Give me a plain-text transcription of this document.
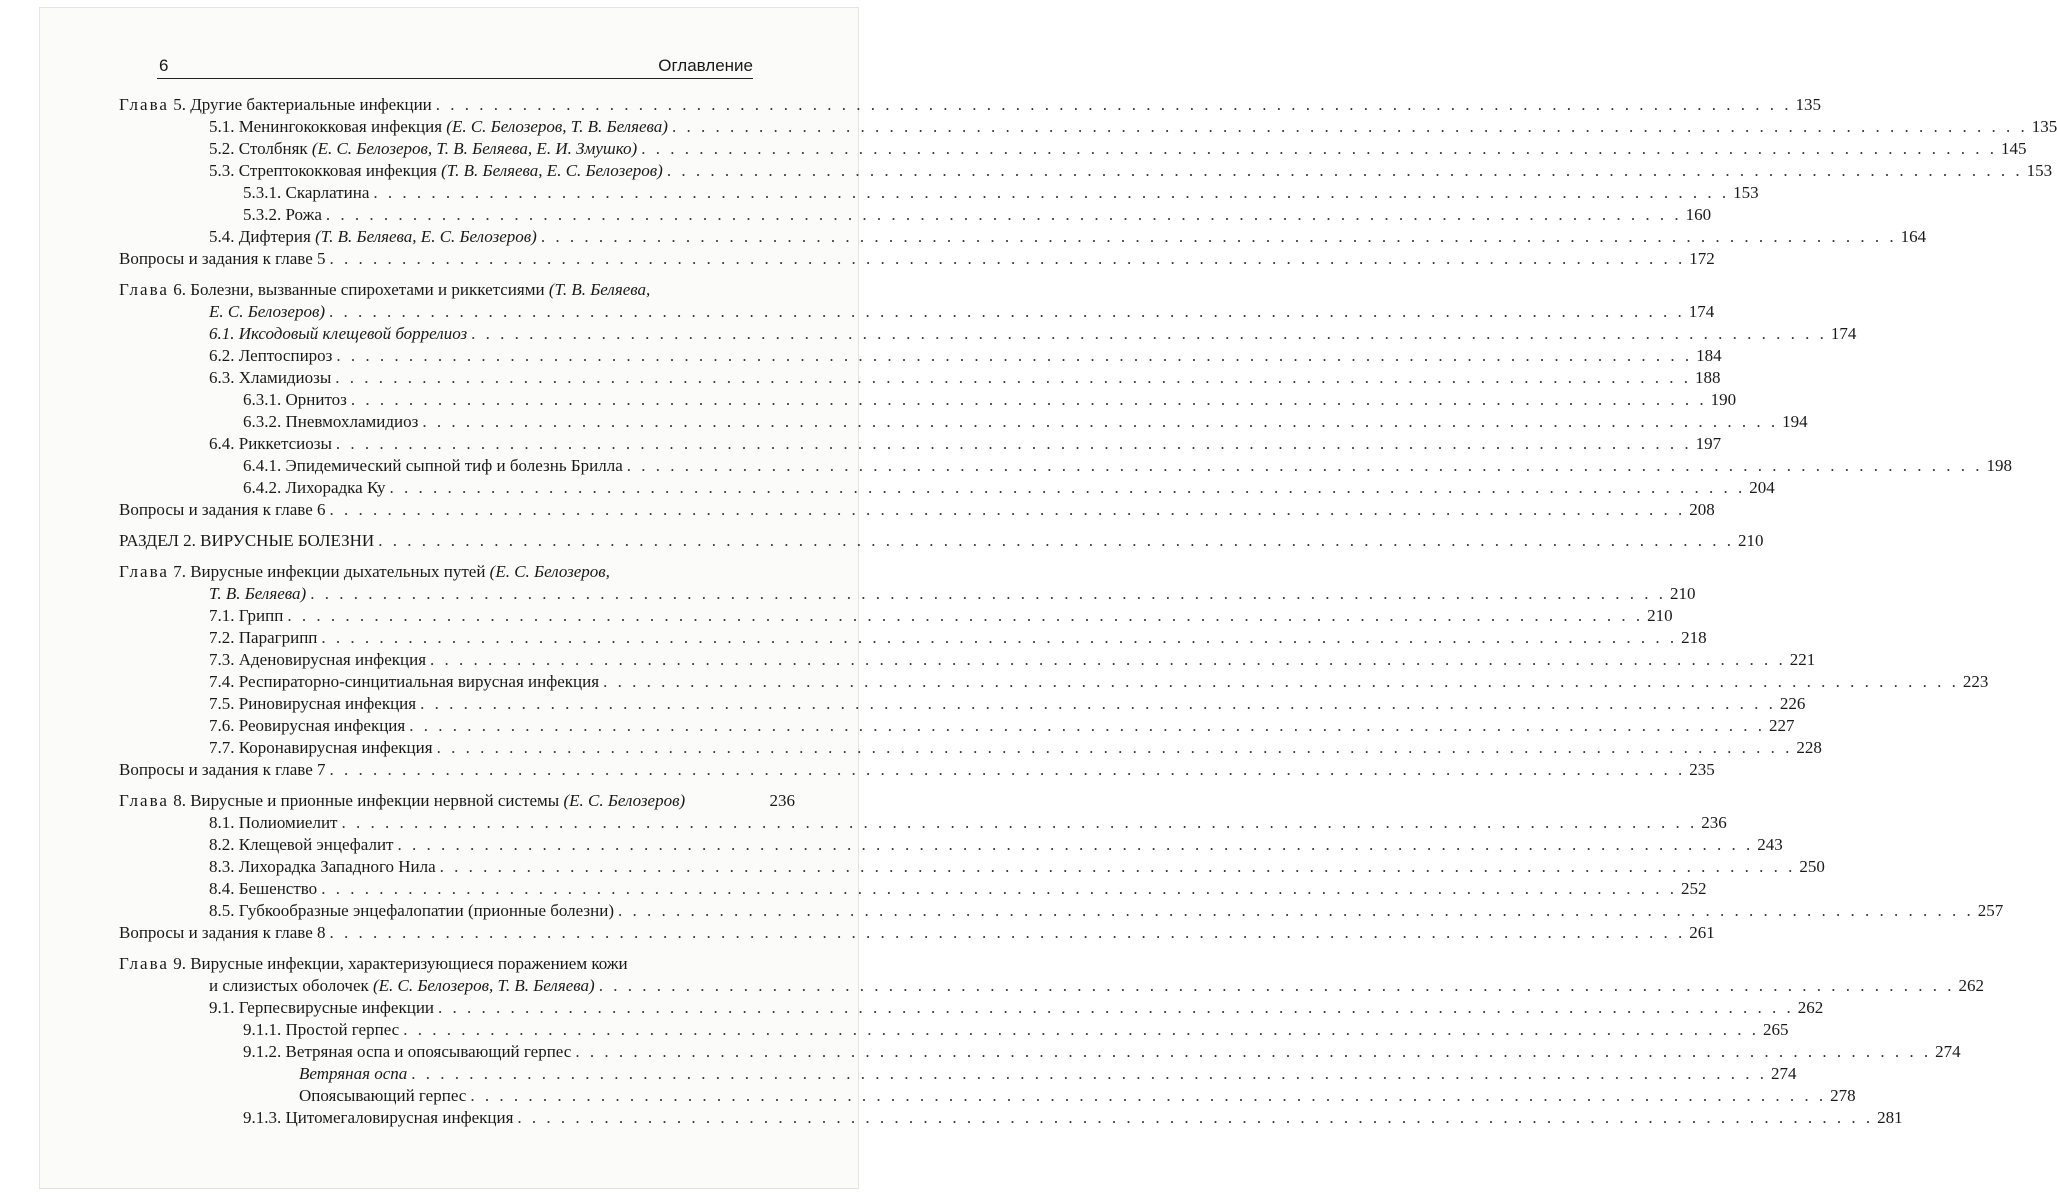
6	Оглавление
Глава 5. Другие бактериальные инфекции . . . . . . . . . . . . . . . . . . . . . . . . . . . . . . . . . . . . . . . . . . . . . . . . . . . . . . . . . . . . . . . . . . . . . . . . . . . . . . . . . . . . . . . . . . . . . . 135
5.1. Менингококковая инфекция (Е. С. Белозеров, Т. В. Беляева) . . . . . . . . . . . . . . . . . . . . . . . . . . . . . . . . . . . . . . . . . . . . . . . . . . . . . . . . . . . . . . . . . . . . . . . . . . . . . . . . . . . . . . . . . . . . . . 135
5.2. Столбняк (Е. С. Белозеров, Т. В. Беляева, Е. И. Змушко) . . . . . . . . . . . . . . . . . . . . . . . . . . . . . . . . . . . . . . . . . . . . . . . . . . . . . . . . . . . . . . . . . . . . . . . . . . . . . . . . . . . . . . . . . . . . . . 145
5.3. Стрептококковая инфекция (Т. В. Беляева, Е. С. Белозеров) . . . . . . . . . . . . . . . . . . . . . . . . . . . . . . . . . . . . . . . . . . . . . . . . . . . . . . . . . . . . . . . . . . . . . . . . . . . . . . . . . . . . . . . . . . . . . . 153
5.3.1. Скарлатина . . . . . . . . . . . . . . . . . . . . . . . . . . . . . . . . . . . . . . . . . . . . . . . . . . . . . . . . . . . . . . . . . . . . . . . . . . . . . . . . . . . . . . . . . . . . . . 153
5.3.2. Рожа . . . . . . . . . . . . . . . . . . . . . . . . . . . . . . . . . . . . . . . . . . . . . . . . . . . . . . . . . . . . . . . . . . . . . . . . . . . . . . . . . . . . . . . . . . . . . . 160
5.4. Дифтерия (Т. В. Беляева, Е. С. Белозеров) . . . . . . . . . . . . . . . . . . . . . . . . . . . . . . . . . . . . . . . . . . . . . . . . . . . . . . . . . . . . . . . . . . . . . . . . . . . . . . . . . . . . . . . . . . . . . . 164
Вопросы и задания к главе 5 . . . . . . . . . . . . . . . . . . . . . . . . . . . . . . . . . . . . . . . . . . . . . . . . . . . . . . . . . . . . . . . . . . . . . . . . . . . . . . . . . . . . . . . . . . . . . . 172
Глава 6. Болезни, вызванные спирохетами и риккетсиями (Т. В. Беляева,
Е. С. Белозеров) . . . . . . . . . . . . . . . . . . . . . . . . . . . . . . . . . . . . . . . . . . . . . . . . . . . . . . . . . . . . . . . . . . . . . . . . . . . . . . . . . . . . . . . . . . . . . . 174
6.1. Иксодовый клещевой боррелиоз . . . . . . . . . . . . . . . . . . . . . . . . . . . . . . . . . . . . . . . . . . . . . . . . . . . . . . . . . . . . . . . . . . . . . . . . . . . . . . . . . . . . . . . . . . . . . . 174
6.2. Лептоспироз . . . . . . . . . . . . . . . . . . . . . . . . . . . . . . . . . . . . . . . . . . . . . . . . . . . . . . . . . . . . . . . . . . . . . . . . . . . . . . . . . . . . . . . . . . . . . . 184
6.3. Хламидиозы . . . . . . . . . . . . . . . . . . . . . . . . . . . . . . . . . . . . . . . . . . . . . . . . . . . . . . . . . . . . . . . . . . . . . . . . . . . . . . . . . . . . . . . . . . . . . . 188
6.3.1. Орнитоз . . . . . . . . . . . . . . . . . . . . . . . . . . . . . . . . . . . . . . . . . . . . . . . . . . . . . . . . . . . . . . . . . . . . . . . . . . . . . . . . . . . . . . . . . . . . . . 190
6.3.2. Пневмохламидиоз . . . . . . . . . . . . . . . . . . . . . . . . . . . . . . . . . . . . . . . . . . . . . . . . . . . . . . . . . . . . . . . . . . . . . . . . . . . . . . . . . . . . . . . . . . . . . . 194
6.4. Риккетсиозы . . . . . . . . . . . . . . . . . . . . . . . . . . . . . . . . . . . . . . . . . . . . . . . . . . . . . . . . . . . . . . . . . . . . . . . . . . . . . . . . . . . . . . . . . . . . . . 197
6.4.1. Эпидемический сыпной тиф и болезнь Брилла . . . . . . . . . . . . . . . . . . . . . . . . . . . . . . . . . . . . . . . . . . . . . . . . . . . . . . . . . . . . . . . . . . . . . . . . . . . . . . . . . . . . . . . . . . . . . . 198
6.4.2. Лихорадка Ку . . . . . . . . . . . . . . . . . . . . . . . . . . . . . . . . . . . . . . . . . . . . . . . . . . . . . . . . . . . . . . . . . . . . . . . . . . . . . . . . . . . . . . . . . . . . . . 204
Вопросы и задания к главе 6 . . . . . . . . . . . . . . . . . . . . . . . . . . . . . . . . . . . . . . . . . . . . . . . . . . . . . . . . . . . . . . . . . . . . . . . . . . . . . . . . . . . . . . . . . . . . . . 208
РАЗДЕЛ 2. ВИРУСНЫЕ БОЛЕЗНИ . . . . . . . . . . . . . . . . . . . . . . . . . . . . . . . . . . . . . . . . . . . . . . . . . . . . . . . . . . . . . . . . . . . . . . . . . . . . . . . . . . . . . . . . . . . . . . 210
Глава 7. Вирусные инфекции дыхательных путей (Е. С. Белозеров,
Т. В. Беляева) . . . . . . . . . . . . . . . . . . . . . . . . . . . . . . . . . . . . . . . . . . . . . . . . . . . . . . . . . . . . . . . . . . . . . . . . . . . . . . . . . . . . . . . . . . . . . . 210
7.1. Грипп . . . . . . . . . . . . . . . . . . . . . . . . . . . . . . . . . . . . . . . . . . . . . . . . . . . . . . . . . . . . . . . . . . . . . . . . . . . . . . . . . . . . . . . . . . . . . . 210
7.2. Парагрипп . . . . . . . . . . . . . . . . . . . . . . . . . . . . . . . . . . . . . . . . . . . . . . . . . . . . . . . . . . . . . . . . . . . . . . . . . . . . . . . . . . . . . . . . . . . . . . 218
7.3. Аденовирусная инфекция . . . . . . . . . . . . . . . . . . . . . . . . . . . . . . . . . . . . . . . . . . . . . . . . . . . . . . . . . . . . . . . . . . . . . . . . . . . . . . . . . . . . . . . . . . . . . . 221
7.4. Респираторно-синцитиальная вирусная инфекция . . . . . . . . . . . . . . . . . . . . . . . . . . . . . . . . . . . . . . . . . . . . . . . . . . . . . . . . . . . . . . . . . . . . . . . . . . . . . . . . . . . . . . . . . . . . . . 223
7.5. Риновирусная инфекция . . . . . . . . . . . . . . . . . . . . . . . . . . . . . . . . . . . . . . . . . . . . . . . . . . . . . . . . . . . . . . . . . . . . . . . . . . . . . . . . . . . . . . . . . . . . . . 226
7.6. Реовирусная инфекция . . . . . . . . . . . . . . . . . . . . . . . . . . . . . . . . . . . . . . . . . . . . . . . . . . . . . . . . . . . . . . . . . . . . . . . . . . . . . . . . . . . . . . . . . . . . . . 227
7.7. Коронавирусная инфекция . . . . . . . . . . . . . . . . . . . . . . . . . . . . . . . . . . . . . . . . . . . . . . . . . . . . . . . . . . . . . . . . . . . . . . . . . . . . . . . . . . . . . . . . . . . . . . 228
Вопросы и задания к главе 7 . . . . . . . . . . . . . . . . . . . . . . . . . . . . . . . . . . . . . . . . . . . . . . . . . . . . . . . . . . . . . . . . . . . . . . . . . . . . . . . . . . . . . . . . . . . . . . 235
Глава 8. Вирусные и прионные инфекции нервной системы (Е. С. Белозеров)	236
8.1. Полиомиелит . . . . . . . . . . . . . . . . . . . . . . . . . . . . . . . . . . . . . . . . . . . . . . . . . . . . . . . . . . . . . . . . . . . . . . . . . . . . . . . . . . . . . . . . . . . . . . 236
8.2. Клещевой энцефалит . . . . . . . . . . . . . . . . . . . . . . . . . . . . . . . . . . . . . . . . . . . . . . . . . . . . . . . . . . . . . . . . . . . . . . . . . . . . . . . . . . . . . . . . . . . . . . 243
8.3. Лихорадка Западного Нила . . . . . . . . . . . . . . . . . . . . . . . . . . . . . . . . . . . . . . . . . . . . . . . . . . . . . . . . . . . . . . . . . . . . . . . . . . . . . . . . . . . . . . . . . . . . . . 250
8.4. Бешенство . . . . . . . . . . . . . . . . . . . . . . . . . . . . . . . . . . . . . . . . . . . . . . . . . . . . . . . . . . . . . . . . . . . . . . . . . . . . . . . . . . . . . . . . . . . . . . 252
8.5. Губкообразные энцефалопатии (прионные болезни) . . . . . . . . . . . . . . . . . . . . . . . . . . . . . . . . . . . . . . . . . . . . . . . . . . . . . . . . . . . . . . . . . . . . . . . . . . . . . . . . . . . . . . . . . . . . . . 257
Вопросы и задания к главе 8 . . . . . . . . . . . . . . . . . . . . . . . . . . . . . . . . . . . . . . . . . . . . . . . . . . . . . . . . . . . . . . . . . . . . . . . . . . . . . . . . . . . . . . . . . . . . . . 261
Глава 9. Вирусные инфекции, характеризующиеся поражением кожи
и слизистых оболочек (Е. С. Белозеров, Т. В. Беляева) . . . . . . . . . . . . . . . . . . . . . . . . . . . . . . . . . . . . . . . . . . . . . . . . . . . . . . . . . . . . . . . . . . . . . . . . . . . . . . . . . . . . . . . . . . . . . . 262
9.1. Герпесвирусные инфекции . . . . . . . . . . . . . . . . . . . . . . . . . . . . . . . . . . . . . . . . . . . . . . . . . . . . . . . . . . . . . . . . . . . . . . . . . . . . . . . . . . . . . . . . . . . . . . 262
9.1.1. Простой герпес . . . . . . . . . . . . . . . . . . . . . . . . . . . . . . . . . . . . . . . . . . . . . . . . . . . . . . . . . . . . . . . . . . . . . . . . . . . . . . . . . . . . . . . . . . . . . . 265
9.1.2. Ветряная оспа и опоясывающий герпес . . . . . . . . . . . . . . . . . . . . . . . . . . . . . . . . . . . . . . . . . . . . . . . . . . . . . . . . . . . . . . . . . . . . . . . . . . . . . . . . . . . . . . . . . . . . . . 274
Ветряная оспа . . . . . . . . . . . . . . . . . . . . . . . . . . . . . . . . . . . . . . . . . . . . . . . . . . . . . . . . . . . . . . . . . . . . . . . . . . . . . . . . . . . . . . . . . . . . . . 274
Опоясывающий герпес . . . . . . . . . . . . . . . . . . . . . . . . . . . . . . . . . . . . . . . . . . . . . . . . . . . . . . . . . . . . . . . . . . . . . . . . . . . . . . . . . . . . . . . . . . . . . . 278
9.1.3. Цитомегаловирусная инфекция . . . . . . . . . . . . . . . . . . . . . . . . . . . . . . . . . . . . . . . . . . . . . . . . . . . . . . . . . . . . . . . . . . . . . . . . . . . . . . . . . . . . . . . . . . . . . . 281
